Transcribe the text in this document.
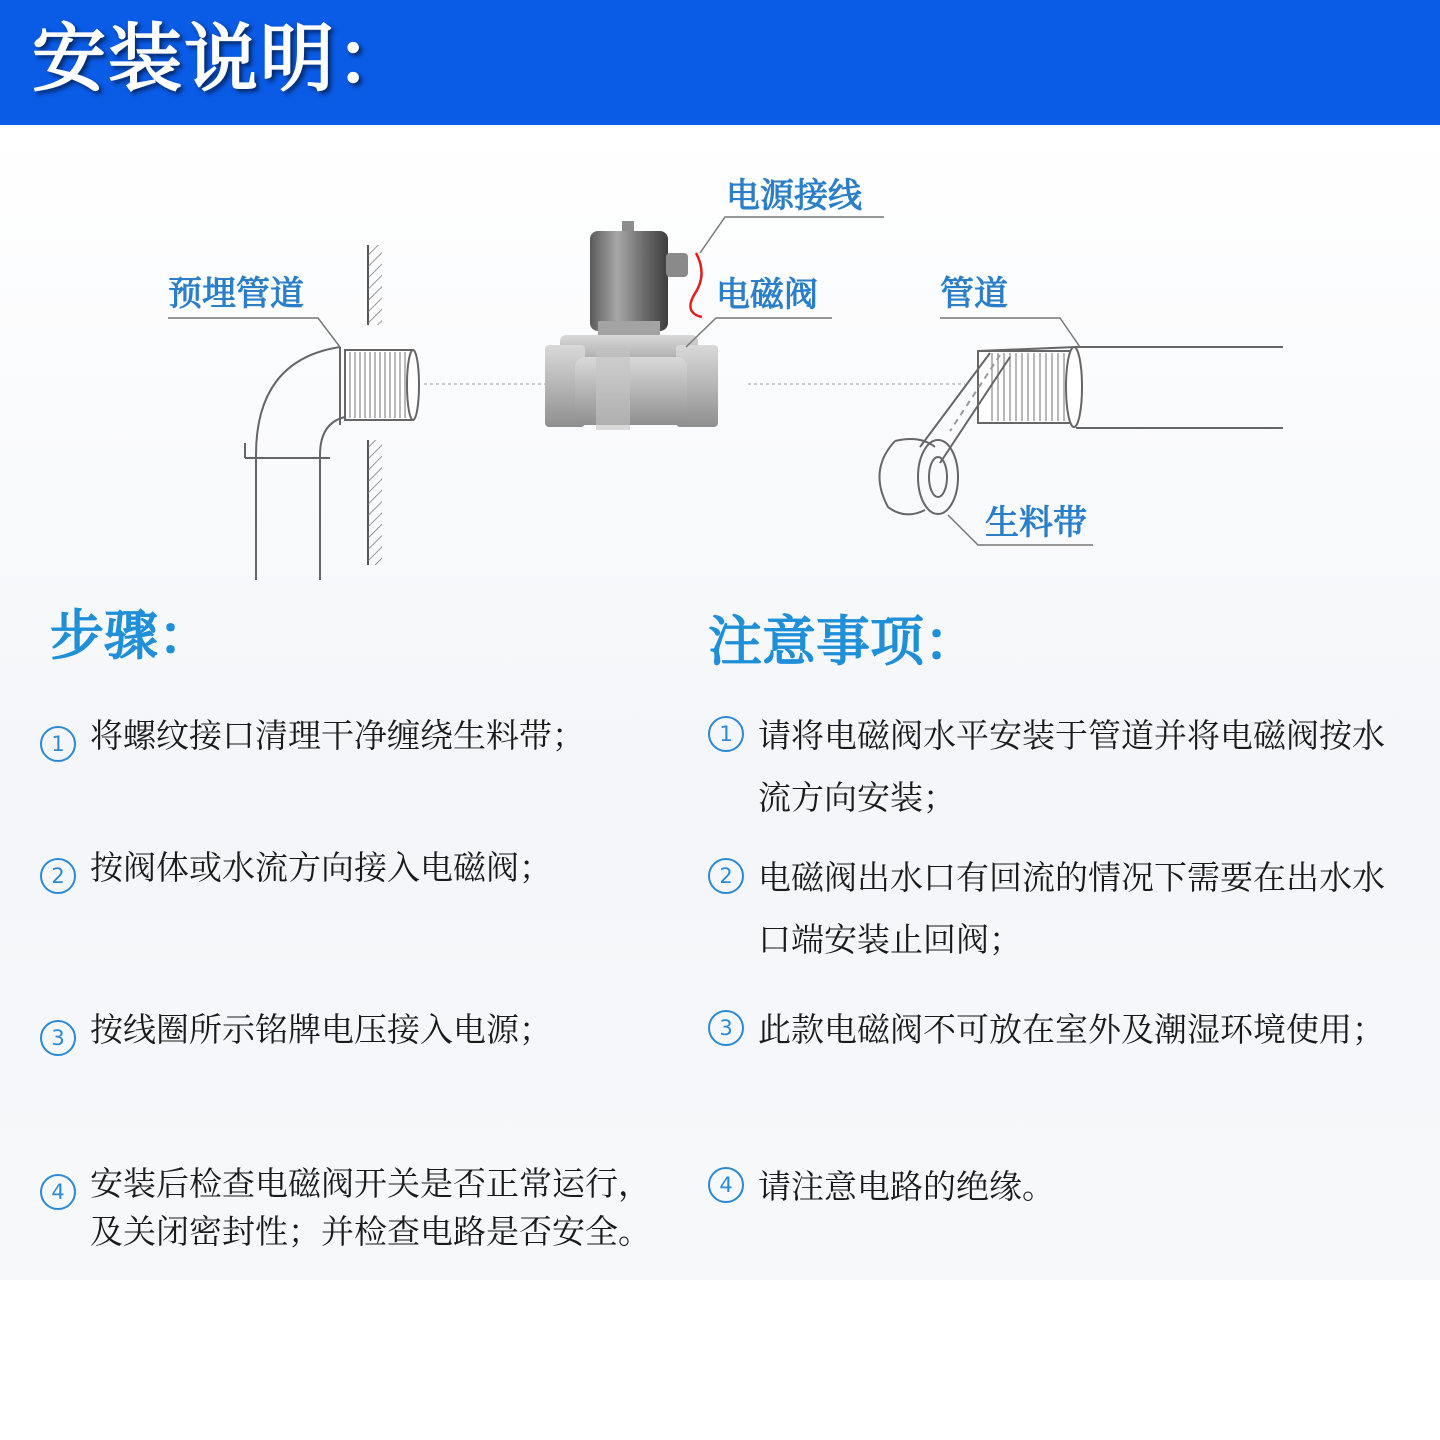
安装说明：
电源接线
电磁阀
预埋管道	管道
生料带
步骤：
1 将螺纹接口清理干净缠绕生料带；
2 按阀体或水流方向接入电磁阀；
3 按线圈所示铭牌电压接入电源；
4 安装后检查电磁阀开关是否正常运行，及关闭密封性；并检查电路是否安全。
注意事项：
1 请将电磁阀水平安装于管道并将电磁阀按水流方向安装；
2 电磁阀出水口有回流的情况下需要在出水水口端安装止回阀；
3 此款电磁阀不可放在室外及潮湿环境使用；
4 请注意电路的绝缘。
